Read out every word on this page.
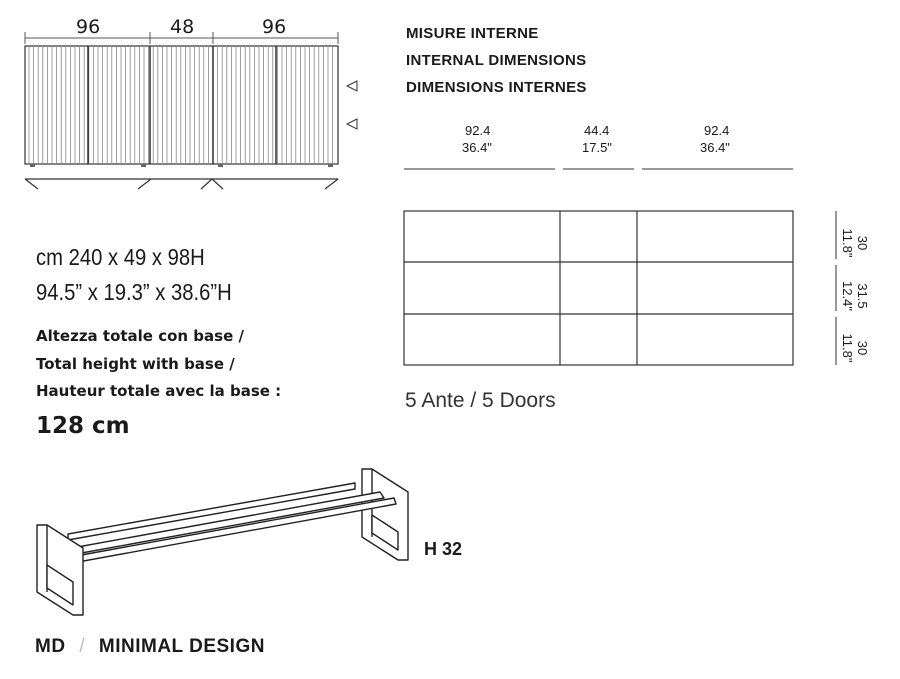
96	48	96	MISURE INTERNE
INTERNAL DIMENSIONS
DIMENSIONS INTERNES
92.4
36.4"
44.4
17.5"
92.4
36.4"
30
11.8"
31.5
12.4"
30
11.8"
5 Ante / 5 Doors
cm 240 x 49 x 98H
94.5” x 19.3” x 38.6”H
Altezza totale con base /
Total height with base /
Hauteur totale avec la base :
128 cm
H 32
MD / MINIMAL DESIGN
